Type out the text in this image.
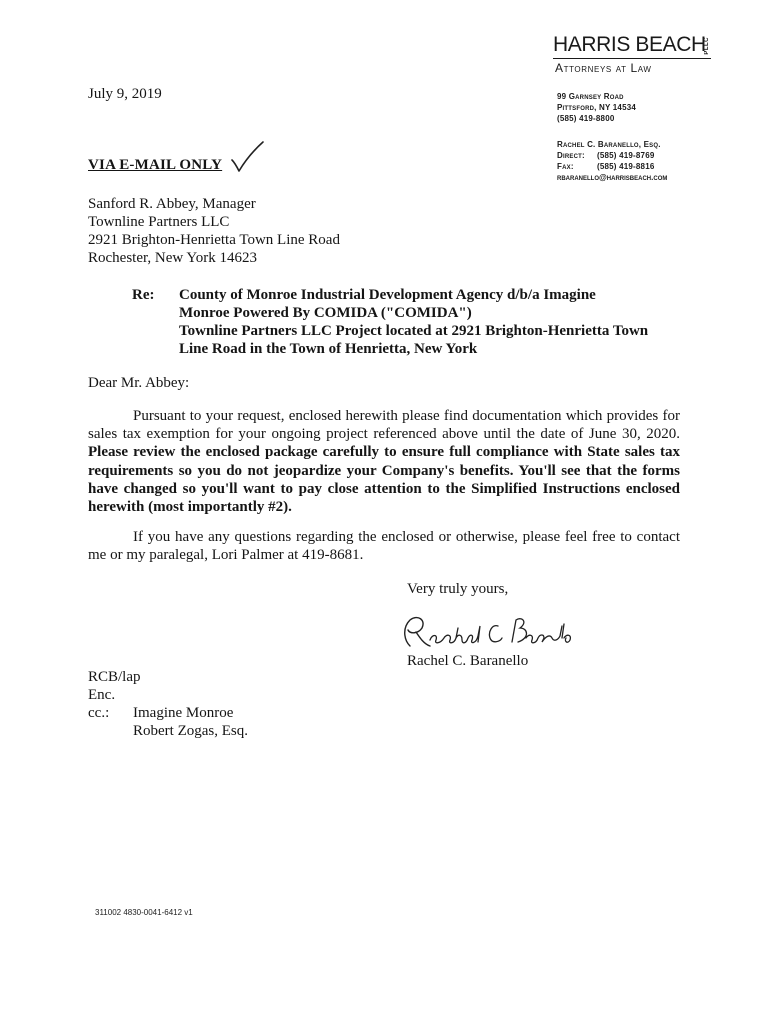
HARRIS BEACH
PLLC
Attorneys at Law
99 Garnsey Road
Pittsford, NY 14534
(585) 419-8800
Rachel C. Baranello, Esq.
Direct: (585) 419-8769
Fax:	(585) 419-8816
rbaranello@harrisbeach.com
July 9, 2019
VIA E-MAIL ONLY
Sanford R. Abbey, Manager
Townline Partners LLC
2921 Brighton-Henrietta Town Line Road
Rochester, New York 14623
Re: County of Monroe Industrial Development Agency d/b/a Imagine
Monroe Powered By COMIDA ("COMIDA")
Townline Partners LLC Project located at 2921 Brighton-Henrietta Town
Line Road in the Town of Henrietta, New York
Dear Mr. Abbey:
Pursuant to your request, enclosed herewith please find documentation which provides for sales tax exemption for your ongoing project referenced above until the date of June 30, 2020. Please review the enclosed package carefully to ensure full compliance with State sales tax requirements so you do not jeopardize your Company's benefits. You'll see that the forms have changed so you'll want to pay close attention to the Simplified Instructions enclosed herewith (most importantly #2).
If you have any questions regarding the enclosed or otherwise, please feel free to contact me or my paralegal, Lori Palmer at 419-8681.
Very truly yours,
Rachel C. Baranello
RCB/lap
Enc.
cc.: Imagine Monroe
Robert Zogas, Esq.
311002 4830-0041-6412 v1
